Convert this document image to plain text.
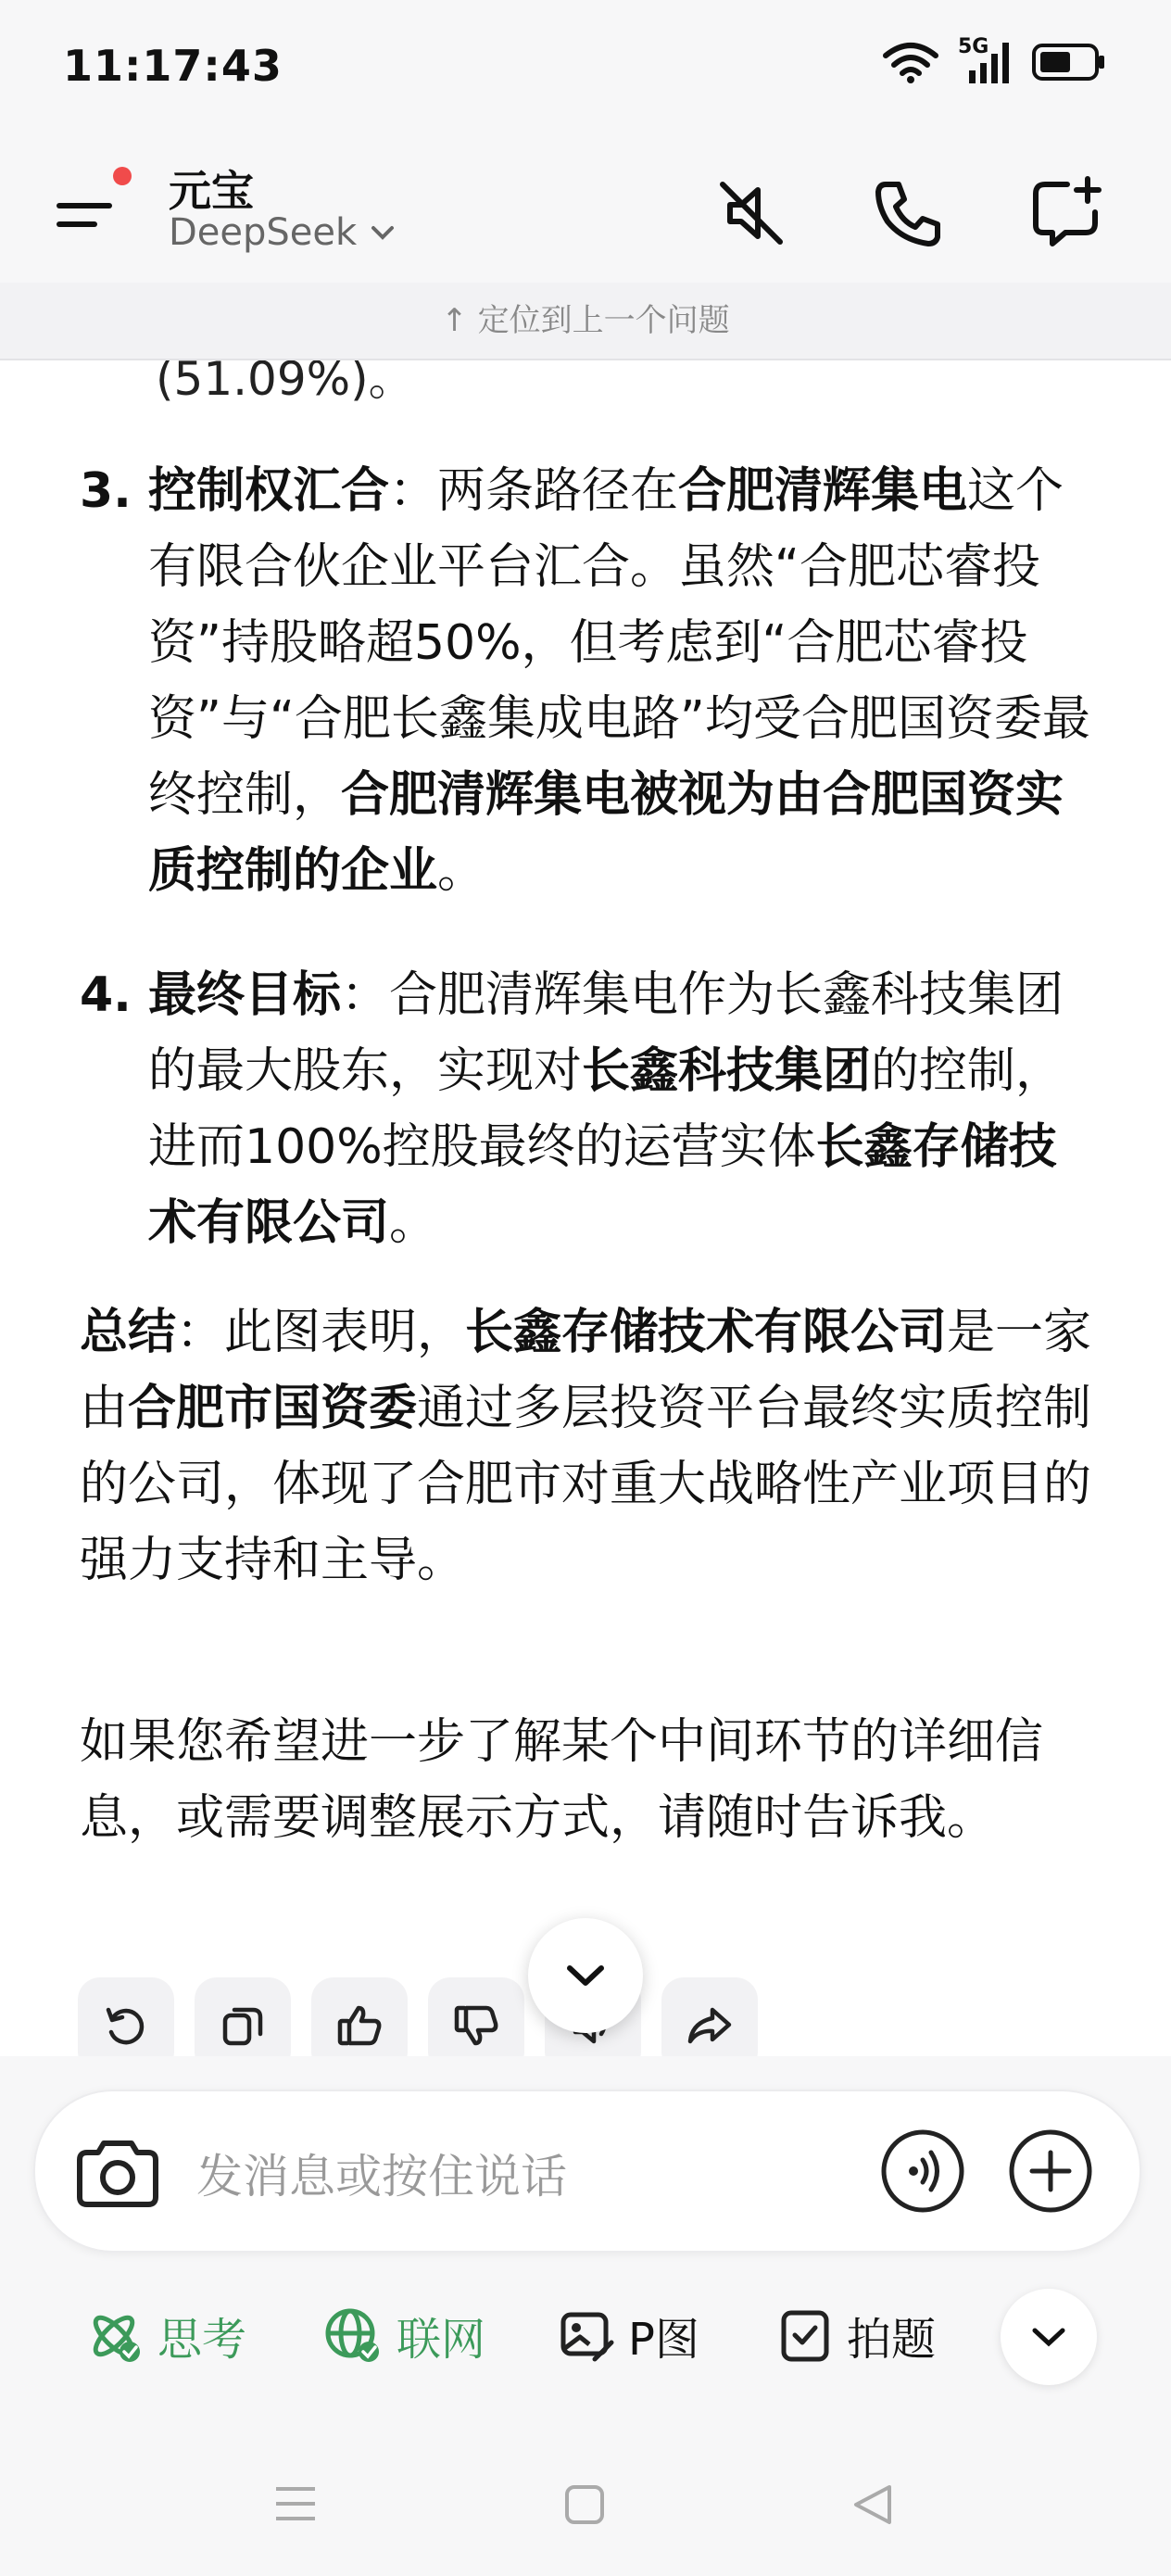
11:17:43	5G
元宝
DeepSeek
↑ 定位到上一个问题
(51.09%)。
3. 控制权汇合：两条路径在合肥清辉集电这个有限合伙企业平台汇合。虽然“合肥芯睿投资”持股略超50%，但考虑到“合肥芯睿投资”与“合肥长鑫集成电路”均受合肥国资委最终控制，合肥清辉集电被视为由合肥国资实质控制的企业。
4. 最终目标：合肥清辉集电作为长鑫科技集团的最大股东，实现对长鑫科技集团的控制，进而100%控股最终的运营实体长鑫存储技术有限公司。
总结：此图表明，长鑫存储技术有限公司是一家由合肥市国资委通过多层投资平台最终实质控制的公司，体现了合肥市对重大战略性产业项目的强力支持和主导。
如果您希望进一步了解某个中间环节的详细信息，或需要调整展示方式，请随时告诉我。
发消息或按住说话
思考	联网	P图	拍题
